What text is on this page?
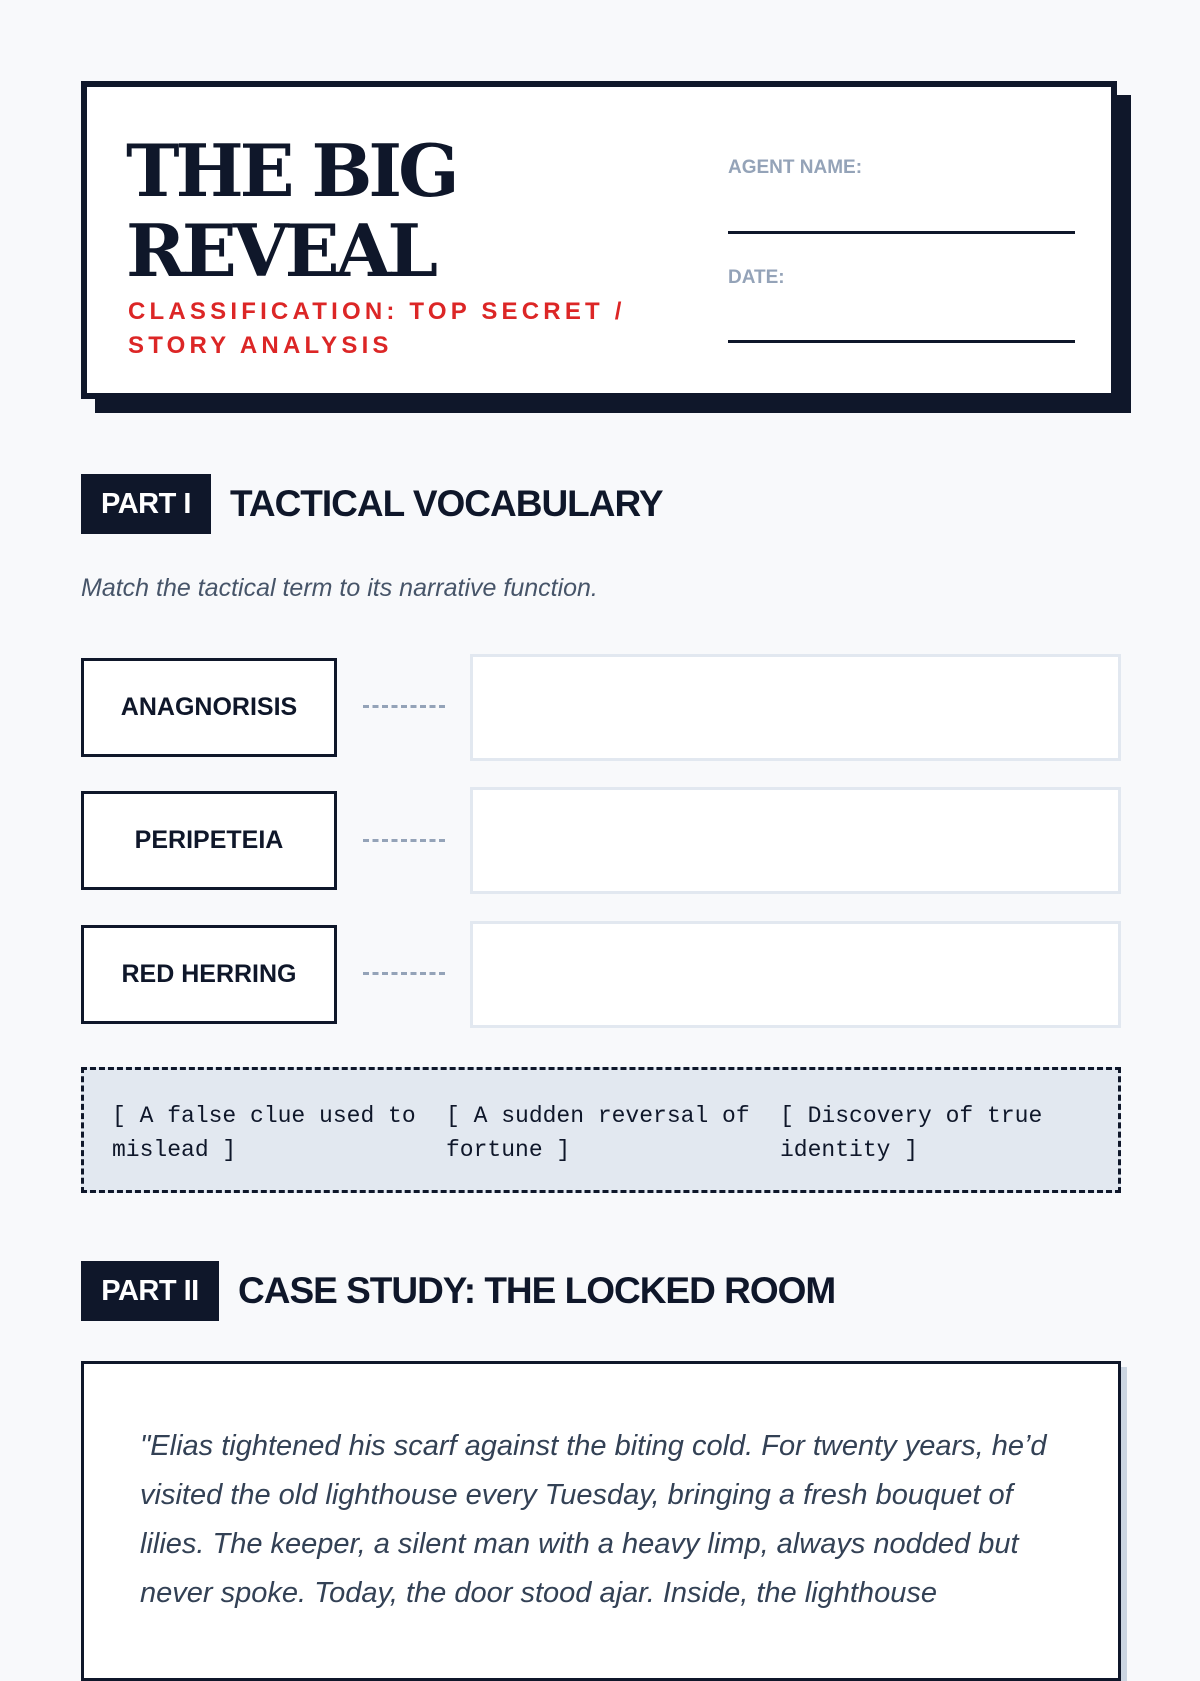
THE BIG
REVEAL
CLASSIFICATION: TOP SECRET / STORY ANALYSIS
AGENT NAME:
DATE:
PART I	TACTICAL VOCABULARY
Match the tactical term to its narrative function.
ANAGNORISIS
PERIPETEIA
RED HERRING
[ A false clue used to mislead ]
[ A sudden reversal of fortune ]
[ Discovery of true identity ]
PART II	CASE STUDY: THE LOCKED ROOM

"Elias tightened his scarf against the biting cold. For twenty years, he’d visited the old lighthouse every Tuesday, bringing a fresh bouquet of lilies. The keeper, a silent man with a heavy limp, always nodded but never spoke. Today, the door stood ajar. Inside, the lighthouse
